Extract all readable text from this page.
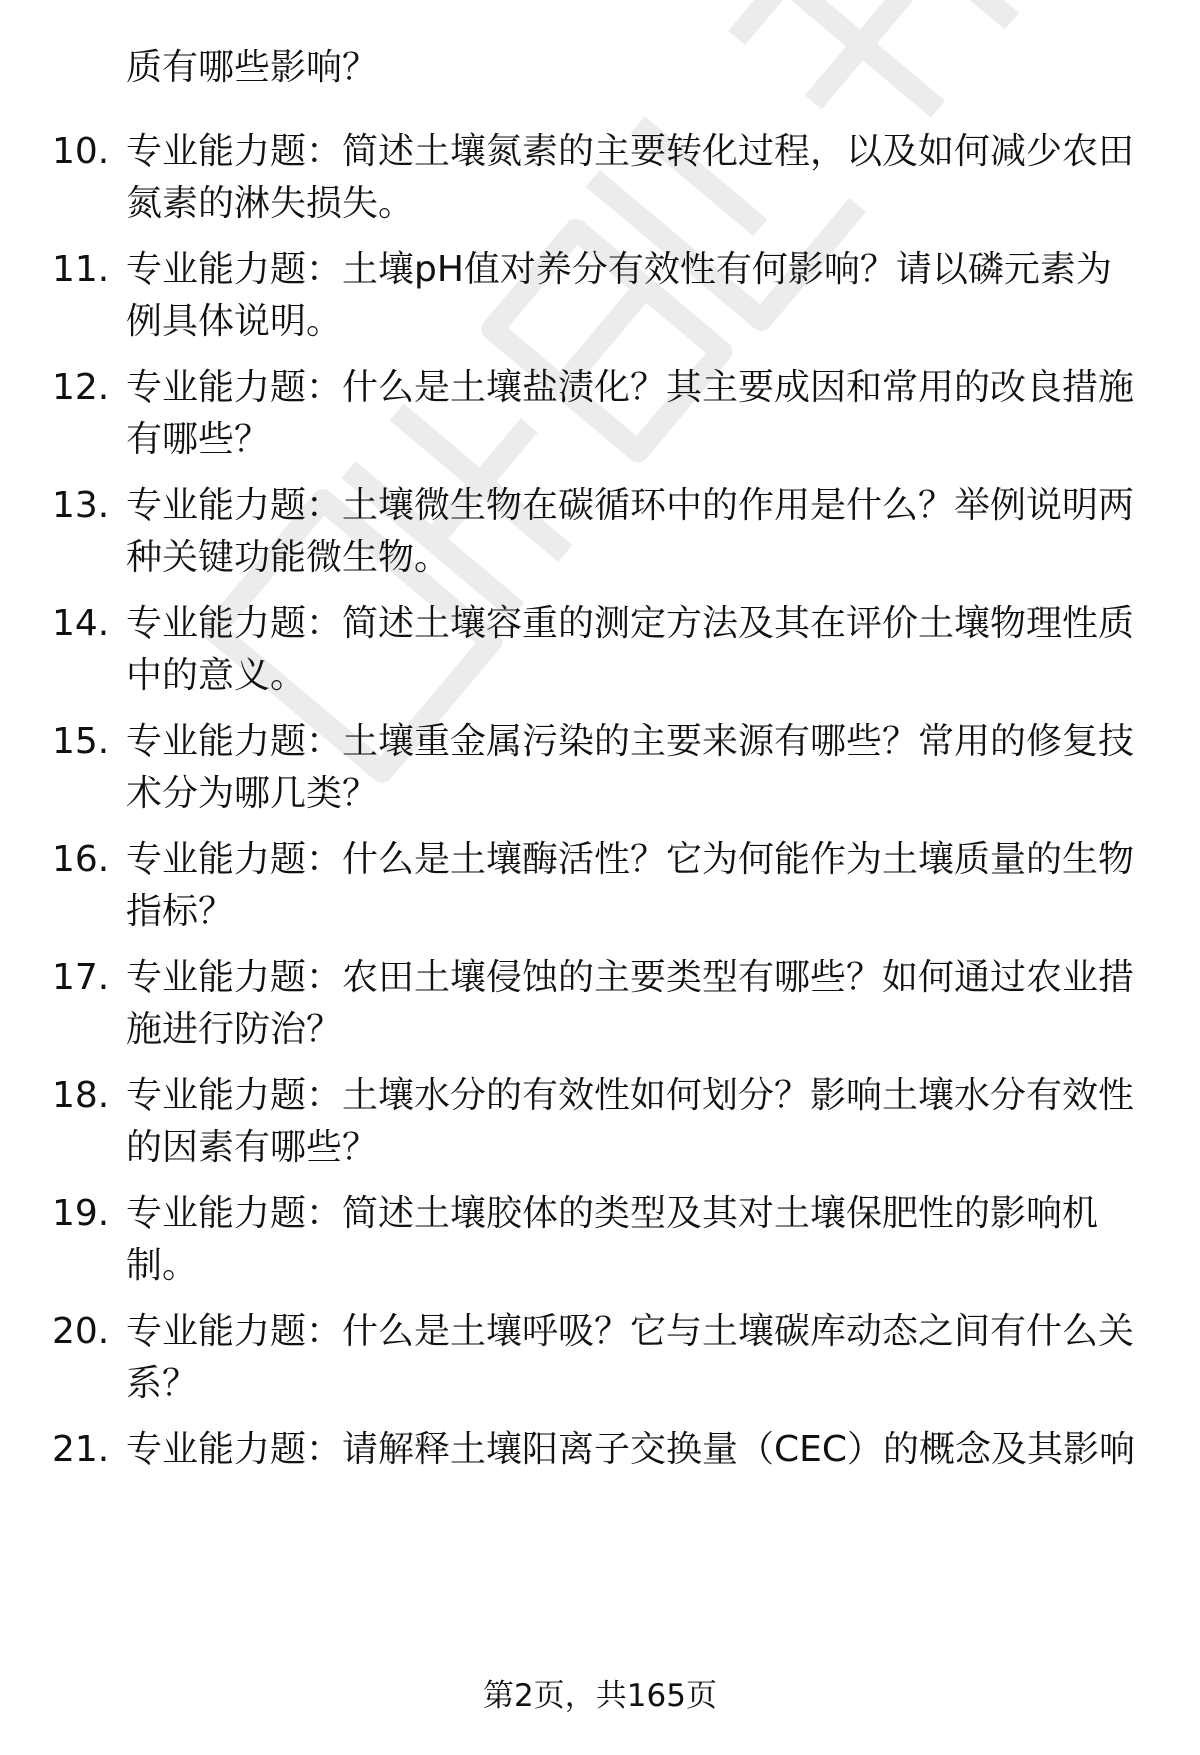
质有哪些影响？
10. 专业能力题：简述土壤氮素的主要转化过程，以及如何减少农田氮素的淋失损失。
11. 专业能力题：土壤pH值对养分有效性有何影响？请以磷元素为例具体说明。
12. 专业能力题：什么是土壤盐渍化？其主要成因和常用的改良措施有哪些？
13. 专业能力题：土壤微生物在碳循环中的作用是什么？举例说明两种关键功能微生物。
14. 专业能力题：简述土壤容重的测定方法及其在评价土壤物理性质中的意义。
15. 专业能力题：土壤重金属污染的主要来源有哪些？常用的修复技术分为哪几类？
16. 专业能力题：什么是土壤酶活性？它为何能作为土壤质量的生物指标？
17. 专业能力题：农田土壤侵蚀的主要类型有哪些？如何通过农业措施进行防治？
18. 专业能力题：土壤水分的有效性如何划分？影响土壤水分有效性的因素有哪些？
19. 专业能力题：简述土壤胶体的类型及其对土壤保肥性的影响机制。
20. 专业能力题：什么是土壤呼吸？它与土壤碳库动态之间有什么关系？
21. 专业能力题：请解释土壤阳离子交换量（CEC）的概念及其影响
第2页，共165页
